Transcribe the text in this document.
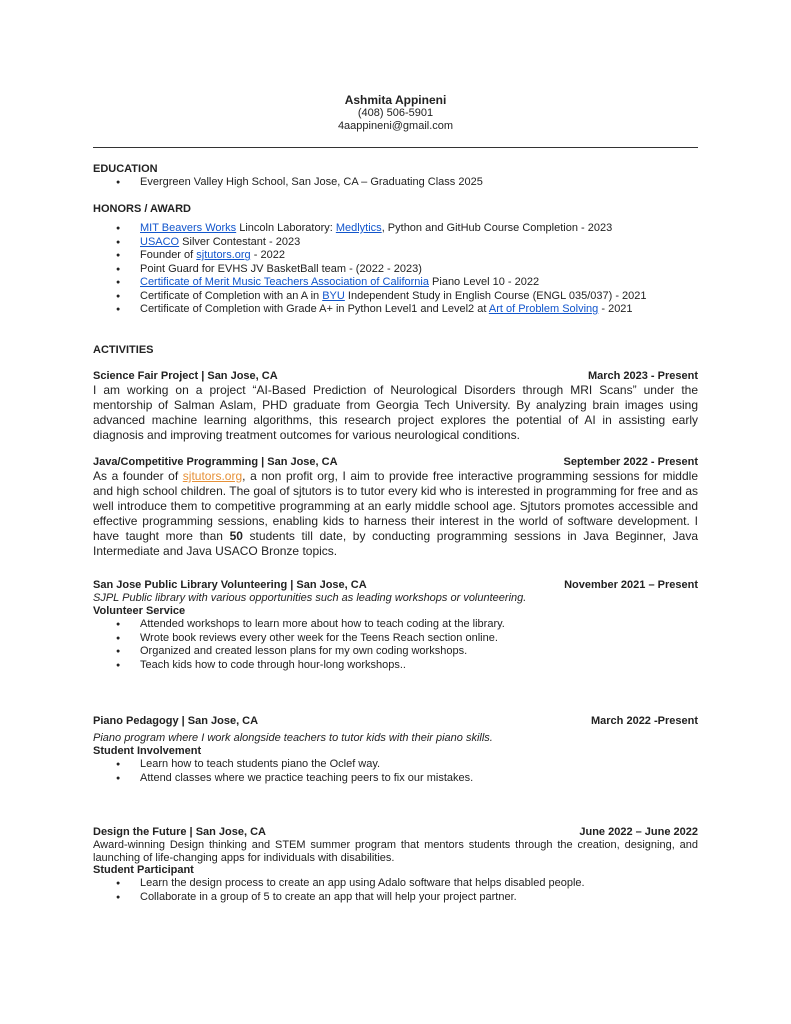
Ashmita Appineni
(408) 506-5901
4aappineni@gmail.com
EDUCATION
● Evergreen Valley High School, San Jose, CA – Graduating Class 2025
HONORS / AWARD
● MIT Beavers Works Lincoln Laboratory: Medlytics, Python and GitHub Course Completion - 2023
● USACO Silver Contestant - 2023
● Founder of sjtutors.org - 2022
● Point Guard for EVHS JV BasketBall team - (2022 - 2023)
● Certificate of Merit Music Teachers Association of California Piano Level 10 - 2022
● Certificate of Completion with an A in BYU Independent Study in English Course (ENGL 035/037) - 2021
● Certificate of Completion with Grade A+ in Python Level1 and Level2 at Art of Problem Solving - 2021
ACTIVITIES
Science Fair Project | San Jose, CA	March 2023 - Present
I am working on a project “AI-Based Prediction of Neurological Disorders through MRI Scans” under the mentorship of Salman Aslam, PHD graduate from Georgia Tech University. By analyzing brain images using advanced machine learning algorithms, this research project explores the potential of AI in assisting early diagnosis and improving treatment outcomes for various neurological conditions.
Java/Competitive Programming | San Jose, CA	September 2022 - Present
As a founder of sjtutors.org, a non profit org, I aim to provide free interactive programming sessions for middle and high school children. The goal of sjtutors is to tutor every kid who is interested in programming for free and as well introduce them to competitive programming at an early middle school age. Sjtutors promotes accessible and effective programming sessions, enabling kids to harness their interest in the world of software development. I have taught more than 50 students till date, by conducting programming sessions in Java Beginner, Java Intermediate and Java USACO Bronze topics.
San Jose Public Library Volunteering | San Jose, CA	November 2021 – Present
SJPL Public library with various opportunities such as leading workshops or volunteering.
Volunteer Service
● Attended workshops to learn more about how to teach coding at the library.
● Wrote book reviews every other week for the Teens Reach section online.
● Organized and created lesson plans for my own coding workshops.
● Teach kids how to code through hour-long workshops..
Piano Pedagogy | San Jose, CA	March 2022 -Present
Piano program where I work alongside teachers to tutor kids with their piano skills.
Student Involvement
● Learn how to teach students piano the Oclef way.
● Attend classes where we practice teaching peers to fix our mistakes.
Design the Future | San Jose, CA	June 2022 – June 2022
Award-winning Design thinking and STEM summer program that mentors students through the creation, designing, and launching of life-changing apps for individuals with disabilities.
Student Participant
● Learn the design process to create an app using Adalo software that helps disabled people.
● Collaborate in a group of 5 to create an app that will help your project partner.
